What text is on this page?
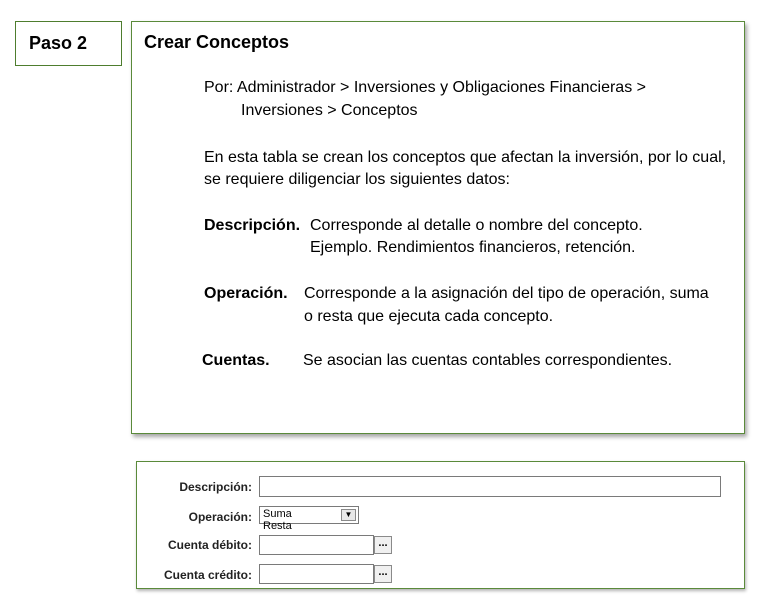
Paso 2	Crear Conceptos
Por: Administrador > Inversiones y Obligaciones Financieras >
Inversiones > Conceptos
En esta tabla se crean los conceptos que afectan la inversión, por lo cual,
se requiere diligenciar los siguientes datos:
Descripción. Corresponde al detalle o nombre del concepto.
Ejemplo. Rendimientos financieros, retención.
Operación. Corresponde a la asignación del tipo de operación, suma
o resta que ejecuta cada concepto.
Cuentas. Se asocian las cuentas contables correspondientes.
Descripción:
Operación: Suma
Resta
▼
Cuenta débito:	...
Cuenta crédito:	...
